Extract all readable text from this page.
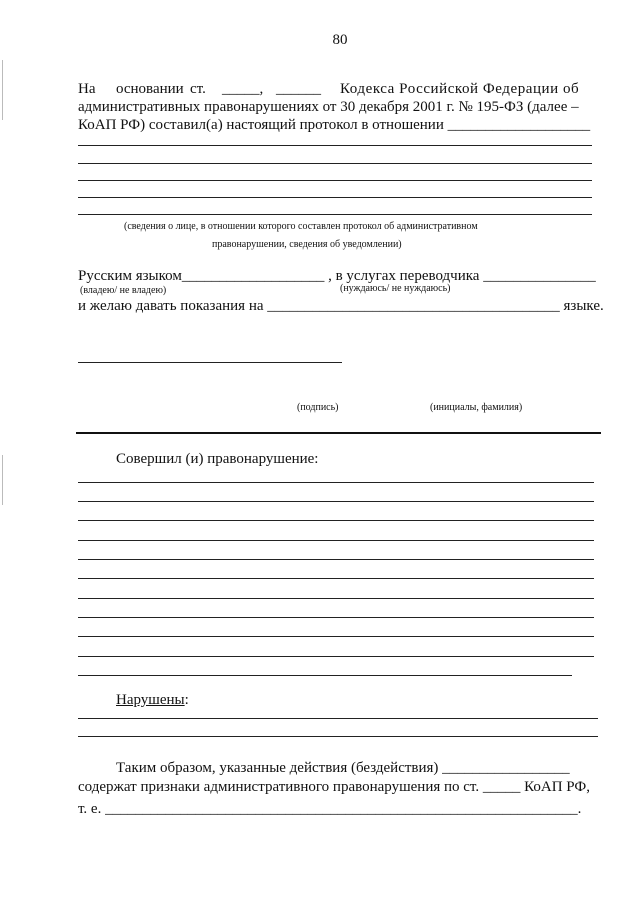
80
На основании ст. _____, ______ Кодекса Российской Федерации об
административных правонарушениях от 30 декабря 2001 г. № 195-ФЗ (далее –
КоАП РФ) составил(а) настоящий протокол в отношении ___________________
(сведения о лице, в отношении которого составлен протокол об административном
правонарушении, сведения об уведомлении)
Русским языком___________________ , в услугах переводчика _______________
(владею/ не владею)	(нуждаюсь/ не нуждаюсь)
и желаю давать показания на _______________________________________ языке.
(подпись)	(инициалы, фамилия)
Совершил (и) правонарушение:
Нарушены:
Таким образом, указанные действия (бездействия) _________________
содержат признаки административного правонарушения по ст. _____ КоАП РФ,
т. е. _______________________________________________________________.
